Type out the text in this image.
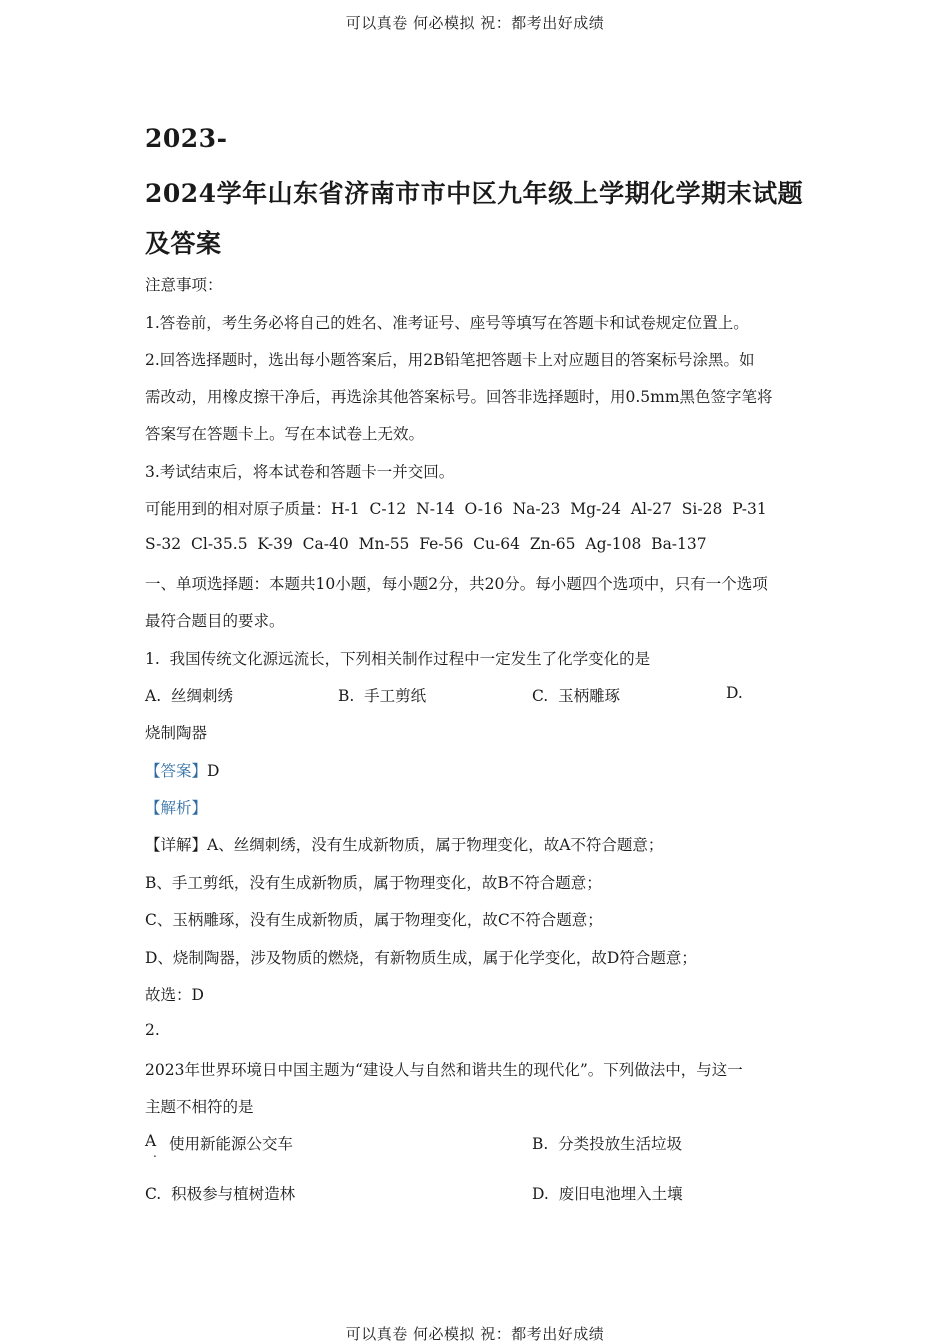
可以真卷 何必模拟 祝：都考出好成绩
2023-
2024学年山东省济南市市中区九年级上学期化学期末试题
及答案
注意事项：
1.答卷前，考生务必将自己的姓名、准考证号、座号等填写在答题卡和试卷规定位置上。
2.回答选择题时，选出每小题答案后，用2B铅笔把答题卡上对应题目的答案标号涂黑。如
需改动，用橡皮擦干净后，再选涂其他答案标号。回答非选择题时，用0.5mm黑色签字笔将
答案写在答题卡上。写在本试卷上无效。
3.考试结束后，将本试卷和答题卡一并交回。
可能用到的相对原子质量：H-1  C-12  N-14  O-16  Na-23  Mg-24  Al-27  Si-28  P-31
S-32  Cl-35.5  K-39  Ca-40  Mn-55  Fe-56  Cu-64  Zn-65  Ag-108  Ba-137
一、单项选择题：本题共10小题，每小题2分，共20分。每小题四个选项中，只有一个选项
最符合题目的要求。
1.  我国传统文化源远流长，下列相关制作过程中一定发生了化学变化的是
A.  丝绸刺绣	B.  手工剪纸	C.  玉柄雕琢	D.
烧制陶器
【答案】D
【解析】
【详解】A、丝绸刺绣，没有生成新物质，属于物理变化，故A不符合题意；
B、手工剪纸，没有生成新物质，属于物理变化，故B不符合题意；
C、玉柄雕琢，没有生成新物质，属于物理变化，故C不符合题意；
D、烧制陶器，涉及物质的燃烧，有新物质生成，属于化学变化，故D符合题意；
故选：D
2.
2023年世界环境日中国主题为“建设人与自然和谐共生的现代化”。下列做法中，与这一
主题不相符的是
A
. 使用新能源公交车	B.  分类投放生活垃圾
C.  积极参与植树造林	D.  废旧电池埋入土壤
可以真卷 何必模拟 祝：都考出好成绩
